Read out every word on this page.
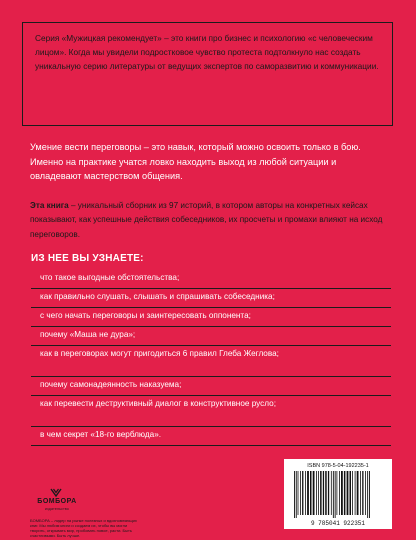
Серия «Мужицкая рекомендует» – это книги про бизнес и психологию «с человеческим лицом». Когда мы увидели подростковое чувство протеста подтолкнуло нас создать уникальную серию литературы от ведущих экспертов по саморазвитию и коммуникации.

Умение вести переговоры – это навык, который можно освоить только в бою. Именно на практике учатся ловко находить выход из любой ситуации и овладевают мастерством общения.

Эта книга – уникальный сборник из 97 историй, в котором авторы на конкретных кейсах показывают, как успешные действия собеседников, их просчеты и промахи влияют на исход переговоров.

ИЗ НЕЕ ВЫ УЗНАЕТЕ:
что такое выгодные обстоятельства;
как правильно слушать, слышать и спрашивать собеседника;
с чего начать переговоры и заинтересовать оппонента;
почему «Маша не дура»;
как в переговорах могут пригодиться 6 правил Глеба Жеглова;
почему самонадеянность наказуема;
как перевести деструктивный диалог в конструктивное русло;
в чем секрет «18-го верблюда».
БОМБОРА
издательство

БОМБОРА – лидер на рынке полезных и вдохновляющих книг. Мы любим книги и создаем их, чтобы вы могли творить, открывать мир, пробовать новое, расти. Быть счастливыми. Быть лучше.

ISBN 978-5-04-192235-1

9 785041 922351
